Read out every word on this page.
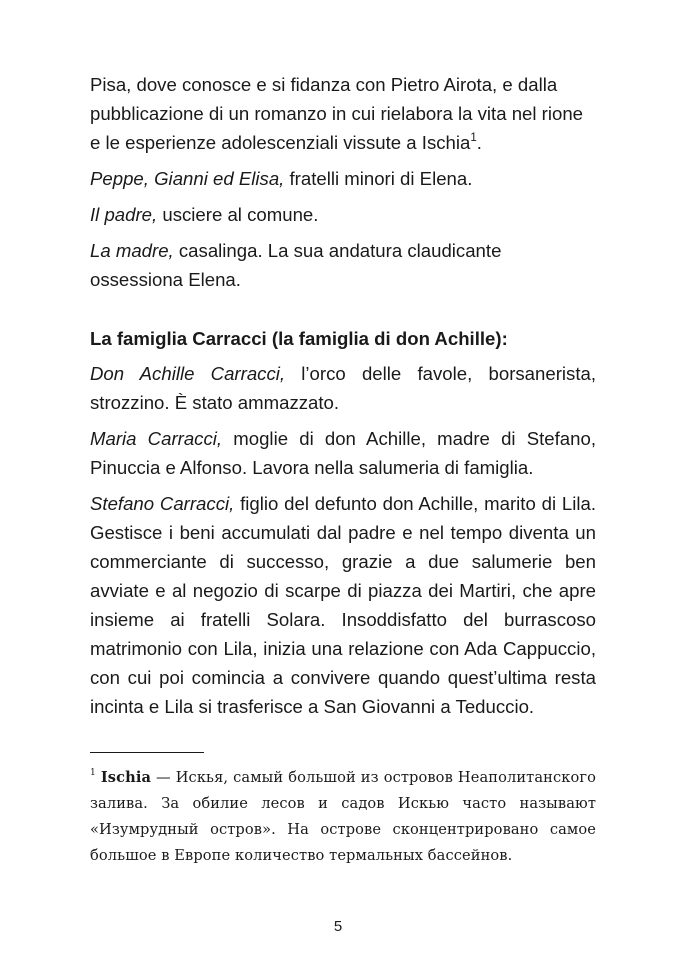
Pisa, dove conosce e si fidanza con Pietro Airota, e dalla pubblicazione di un romanzo in cui rielabora la vita nel rione e le esperienze adolescenziali vissute a Ischia$^1$.

Peppe, Gianni ed Elisa, fratelli minori di Elena.

Il padre, usciere al comune.

La madre, casalinga. La sua andatura claudicante ossessiona Elena.

La famiglia Carracci (la famiglia di don Achille):

Don Achille Carracci, l’orco delle favole, borsanerista, strozzino. È stato ammazzato.

Maria Carracci, moglie di don Achille, madre di Stefano, Pinuccia e Alfonso. Lavora nella salumeria di famiglia.

Stefano Carracci, figlio del defunto don Achille, marito di Lila. Gestisce i beni accumulati dal padre e nel tempo diventa un commerciante di successo, grazie a due salumerie ben avviate e al negozio di scarpe di piazza dei Martiri, che apre insieme ai fratelli Solara. Insoddisfatto del burrascoso matrimonio con Lila, inizia una relazione con Ada Cappuccio, con cui poi comincia a convivere quando quest’ultima resta incinta e Lila si trasferisce a San Giovanni a Teduccio.

$^1$ Ischia — Искья, самый большой из островов Неаполитанского залива. За обилие лесов и садов Искью часто называют «Изумрудный остров». На острове сконцентрировано самое большое в Европе количество термальных бассейнов.
5
